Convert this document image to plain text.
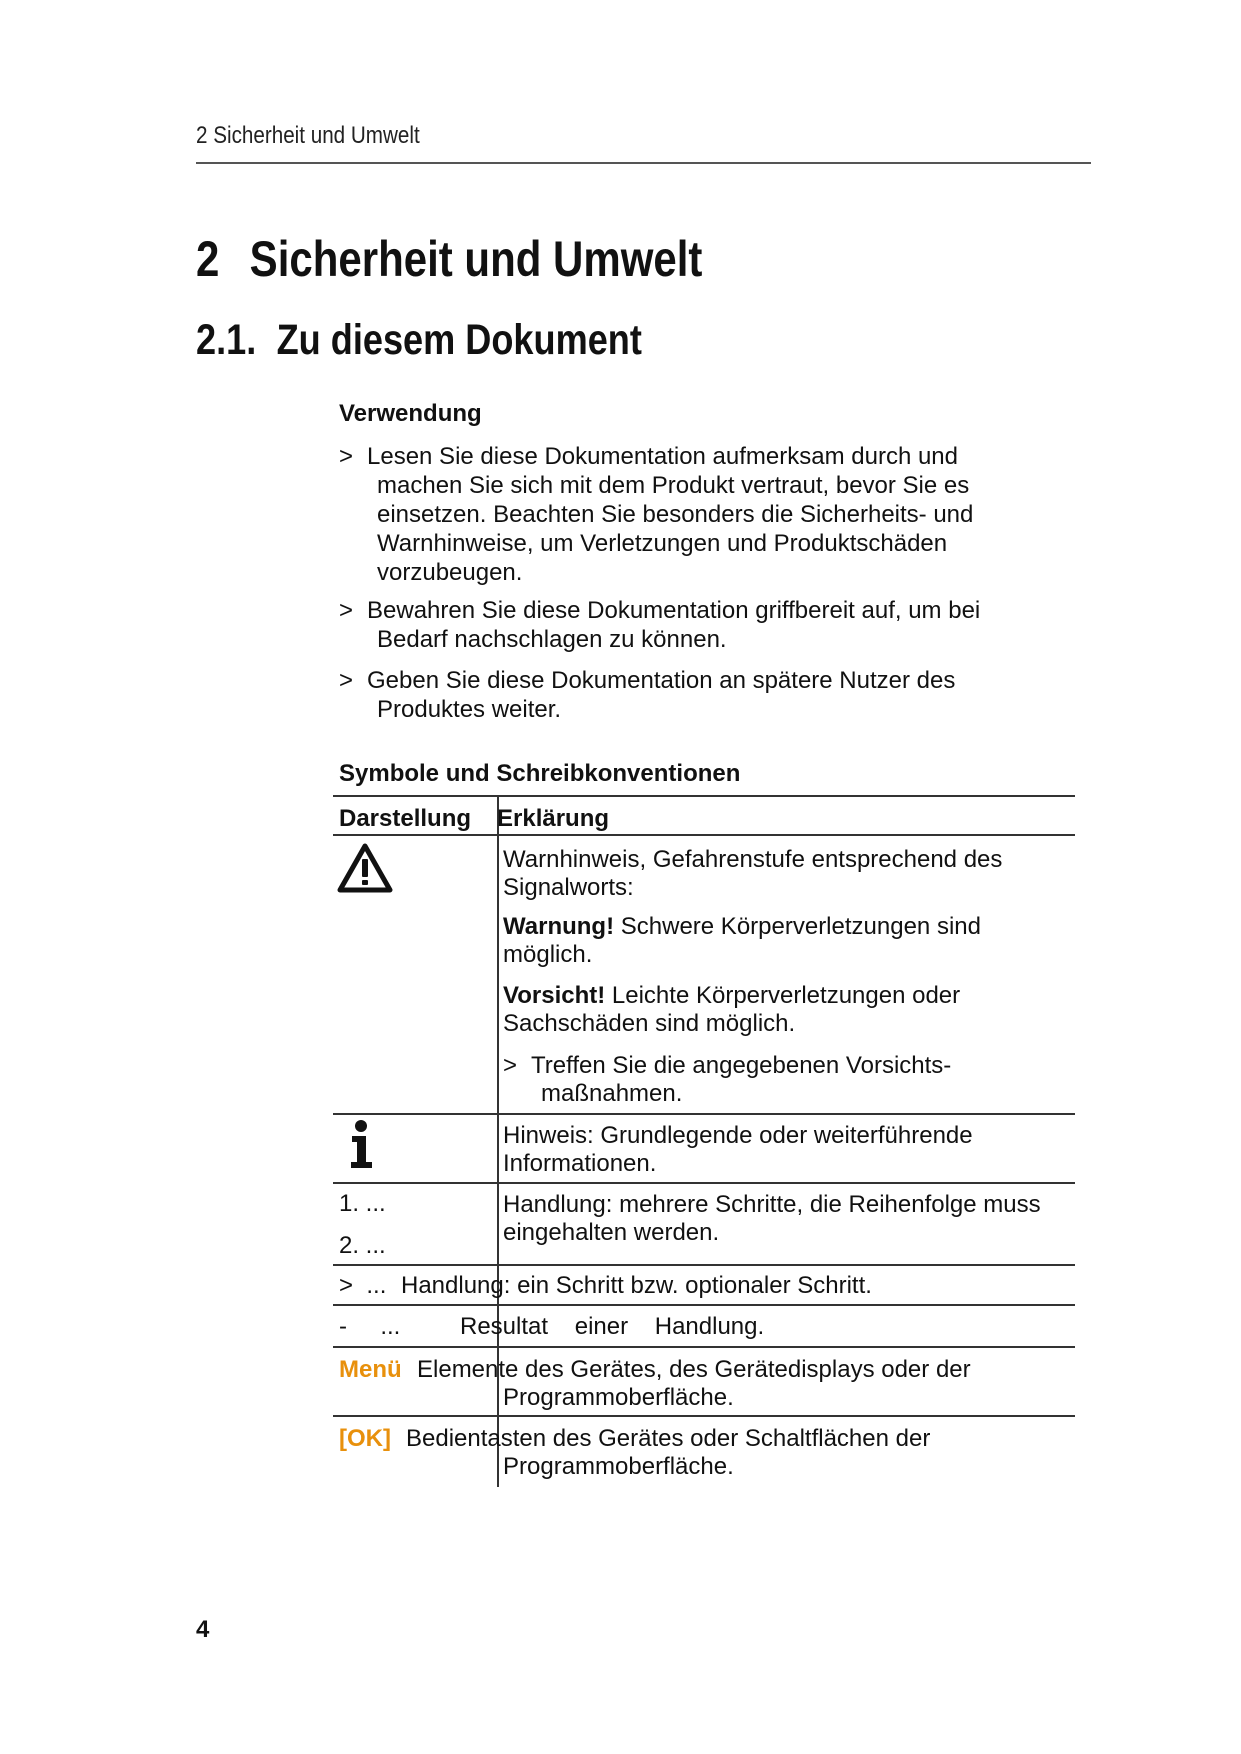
2 Sicherheit und Umwelt
2 Sicherheit und Umwelt
2.1. Zu diesem Dokument
Verwendung
> Lesen Sie diese Dokumentation aufmerksam durch und machen Sie sich mit dem Produkt vertraut, bevor Sie es einsetzen. Beachten Sie besonders die Sicherheits- und Warnhinweise, um Verletzungen und Produktschäden vorzubeugen.
> Bewahren Sie diese Dokumentation griffbereit auf, um bei Bedarf nachschlagen zu können.
> Geben Sie diese Dokumentation an spätere Nutzer des Produktes weiter.
Symbole und Schreibkonventionen
Darstellung Erklärung
Warnhinweis, Gefahrenstufe entsprechend des Signalworts:
Warnung! Schwere Körperverletzungen sind möglich.
Vorsicht! Leichte Körperverletzungen oder Sachschäden sind möglich.
> Treffen Sie die angegebenen Vorsichts-maßnahmen.
Hinweis: Grundlegende oder weiterführende Informationen.
1. ...
2. ...
Handlung: mehrere Schritte, die Reihenfolge muss eingehalten werden.
>  ... Handlung: ein Schritt bzw. optionaler Schritt.
-     ... Resultat    einer    Handlung.
Menü Elemente des Gerätes, des Gerätedisplays oder der Programmoberfläche.
[OK] Bedientasten des Gerätes oder Schaltflächen der Programmoberfläche.
4
